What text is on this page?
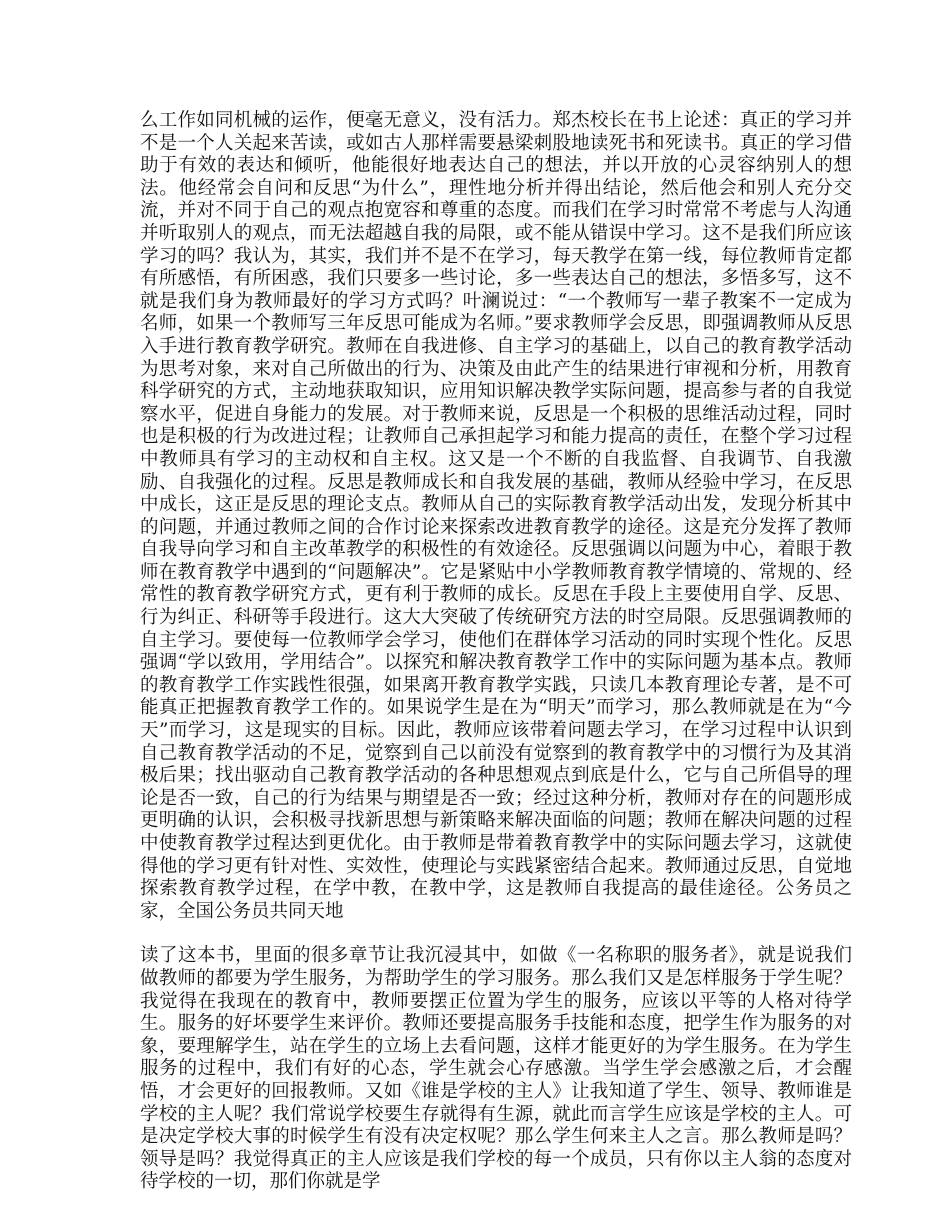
么工作如同机械的运作，便毫无意义，没有活力。郑杰校长在书上论述：真正的学习并不是一个人关起来苦读，或如古人那样需要悬梁刺股地读死书和死读书。真正的学习借助于有效的表达和倾听，他能很好地表达自己的想法，并以开放的心灵容纳别人的想法。他经常会自问和反思“为什么”，理性地分析并得出结论，然后他会和别人充分交流，并对不同于自己的观点抱宽容和尊重的态度。而我们在学习时常常不考虑与人沟通并听取别人的观点，而无法超越自我的局限，或不能从错误中学习。这不是我们所应该学习的吗？我认为，其实，我们并不是不在学习，每天教学在第一线，每位教师肯定都有所感悟，有所困惑，我们只要多一些讨论，多一些表达自己的想法，多悟多写，这不就是我们身为教师最好的学习方式吗？叶澜说过：“一个教师写一辈子教案不一定成为名师，如果一个教师写三年反思可能成为名师。”要求教师学会反思，即强调教师从反思入手进行教育教学研究。教师在自我进修、自主学习的基础上，以自己的教育教学活动为思考对象，来对自己所做出的行为、决策及由此产生的结果进行审视和分析，用教育科学研究的方式，主动地获取知识，应用知识解决教学实际问题，提高参与者的自我觉察水平，促进自身能力的发展。对于教师来说，反思是一个积极的思维活动过程，同时也是积极的行为改进过程；让教师自己承担起学习和能力提高的责任，在整个学习过程中教师具有学习的主动权和自主权。这又是一个不断的自我监督、自我调节、自我激励、自我强化的过程。反思是教师成长和自我发展的基础，教师从经验中学习，在反思中成长，这正是反思的理论支点。教师从自己的实际教育教学活动出发，发现分析其中的问题，并通过教师之间的合作讨论来探索改进教育教学的途径。这是充分发挥了教师自我导向学习和自主改革教学的积极性的有效途径。反思强调以问题为中心，着眼于教师在教育教学中遇到的“问题解决”。它是紧贴中小学教师教育教学情境的、常规的、经常性的教育教学研究方式，更有利于教师的成长。反思在手段上主要使用自学、反思、行为纠正、科研等手段进行。这大大突破了传统研究方法的时空局限。反思强调教师的自主学习。要使每一位教师学会学习，使他们在群体学习活动的同时实现个性化。反思强调“学以致用，学用结合”。以探究和解决教育教学工作中的实际问题为基本点。教师的教育教学工作实践性很强，如果离开教育教学实践，只读几本教育理论专著，是不可能真正把握教育教学工作的。如果说学生是在为“明天”而学习，那么教师就是在为“今天”而学习，这是现实的目标。因此，教师应该带着问题去学习，在学习过程中认识到自己教育教学活动的不足，觉察到自己以前没有觉察到的教育教学中的习惯行为及其消极后果；找出驱动自己教育教学活动的各种思想观点到底是什么，它与自己所倡导的理论是否一致，自己的行为结果与期望是否一致；经过这种分析，教师对存在的问题形成更明确的认识，会积极寻找新思想与新策略来解决面临的问题；教师在解决问题的过程中使教育教学过程达到更优化。由于教师是带着教育教学中的实际问题去学习，这就使得他的学习更有针对性、实效性，使理论与实践紧密结合起来。教师通过反思，自觉地探索教育教学过程，在学中教，在教中学，这是教师自我提高的最佳途径。公务员之家，全国公务员共同天地

读了这本书，里面的很多章节让我沉浸其中，如做《一名称职的服务者》，就是说我们做教师的都要为学生服务，为帮助学生的学习服务。那么我们又是怎样服务于学生呢？我觉得在我现在的教育中，教师要摆正位置为学生的服务，应该以平等的人格对待学生。服务的好坏要学生来评价。教师还要提高服务手技能和态度，把学生作为服务的对象，要理解学生，站在学生的立场上去看问题，这样才能更好的为学生服务。在为学生服务的过程中，我们有好的心态，学生就会心存感激。当学生学会感激之后，才会醒悟，才会更好的回报教师。又如《谁是学校的主人》让我知道了学生、领导、教师谁是学校的主人呢？我们常说学校要生存就得有生源，就此而言学生应该是学校的主人。可是决定学校大事的时候学生有没有决定权呢？那么学生何来主人之言。那么教师是吗？领导是吗？我觉得真正的主人应该是我们学校的每一个成员，只有你以主人翁的态度对待学校的一切，那们你就是学
